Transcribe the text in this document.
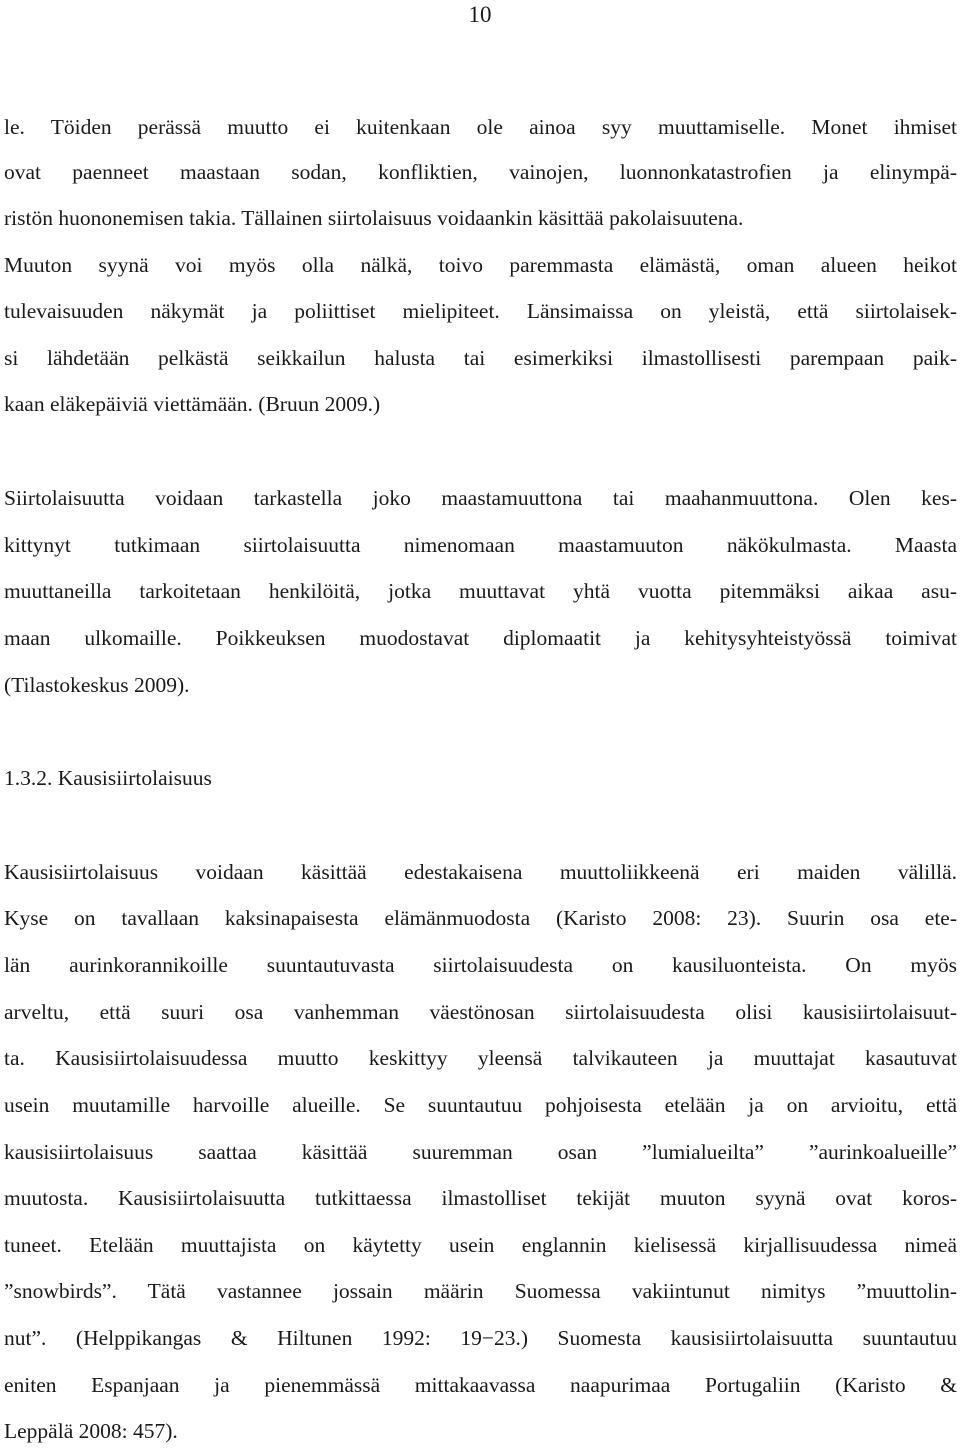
10
le. Töiden perässä muutto ei kuitenkaan ole ainoa syy muuttamiselle. Monet ihmiset
ovat paenneet maastaan sodan, konfliktien, vainojen, luonnonkatastrofien ja elinympä-
ristön huononemisen takia. Tällainen siirtolaisuus voidaankin käsittää pakolaisuutena.
Muuton syynä voi myös olla nälkä, toivo paremmasta elämästä, oman alueen heikot
tulevaisuuden näkymät ja poliittiset mielipiteet. Länsimaissa on yleistä, että siirtolaisek-
si lähdetään pelkästä seikkailun halusta tai esimerkiksi ilmastollisesti parempaan paik-
kaan eläkepäiviä viettämään. (Bruun 2009.)
Siirtolaisuutta voidaan tarkastella joko maastamuuttona tai maahanmuuttona. Olen kes-
kittynyt tutkimaan siirtolaisuutta nimenomaan maastamuuton näkökulmasta. Maasta
muuttaneilla tarkoitetaan henkilöitä, jotka muuttavat yhtä vuotta pitemmäksi aikaa asu-
maan ulkomaille. Poikkeuksen muodostavat diplomaatit ja kehitysyhteistyössä toimivat
(Tilastokeskus 2009).
1.3.2. Kausisiirtolaisuus
Kausisiirtolaisuus voidaan käsittää edestakaisena muuttoliikkeenä eri maiden välillä.
Kyse on tavallaan kaksinapaisesta elämänmuodosta (Karisto 2008: 23). Suurin osa ete-
län aurinkorannikoille suuntautuvasta siirtolaisuudesta on kausiluonteista. On myös
arveltu, että suuri osa vanhemman väestönosan siirtolaisuudesta olisi kausisiirtolaisuut-
ta. Kausisiirtolaisuudessa muutto keskittyy yleensä talvikauteen ja muuttajat kasautuvat
usein muutamille harvoille alueille. Se suuntautuu pohjoisesta etelään ja on arvioitu, että
kausisiirtolaisuus saattaa käsittää suuremman osan ”lumialueilta” ”aurinkoalueille”
muutosta. Kausisiirtolaisuutta tutkittaessa ilmastolliset tekijät muuton syynä ovat koros-
tuneet. Etelään muuttajista on käytetty usein englannin kielisessä kirjallisuudessa nimeä
”snowbirds”. Tätä vastannee jossain määrin Suomessa vakiintunut nimitys ”muuttolin-
nut”. (Helppikangas & Hiltunen 1992: 19−23.) Suomesta kausisiirtolaisuutta suuntautuu
eniten Espanjaan ja pienemmässä mittakaavassa naapurimaa Portugaliin (Karisto &
Leppälä 2008: 457).
